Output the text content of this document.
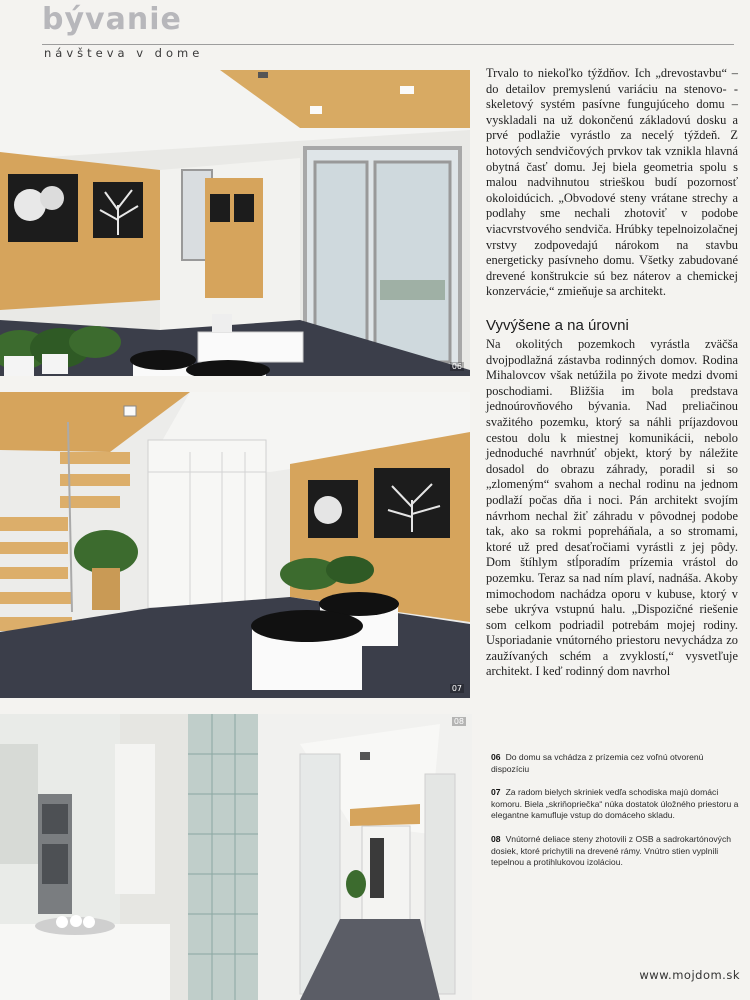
bývanie
návšteva v dome
06
07
08

Trvalo to niekoľko týždňov. Ich „drevostavbu“ – do detailov premyslenú variáciu na stenovo- -skeletový systém pasívne fungujúceho domu – vyskladali na už dokončenú základovú dosku a prvé podlažie vyrástlo za necelý týždeň. Z hotových sendvičových prvkov tak vznikla hlavná obytná časť domu. Jej biela geometria spolu s malou nadvihnutou strieškou budí pozornosť okoloidúcich. „Obvodové steny vrátane strechy a podlahy sme nechali zhotoviť v podobe viacvrstvového sendviča. Hrúbky tepelnoizolačnej vrstvy zodpovedajú nárokom na stavbu energeticky pasívneho domu. Všetky zabudované drevené konštrukcie sú bez náterov a chemickej konzervácie,“ zmieňuje sa architekt.

Vyvýšene a na úrovni

Na okolitých pozemkoch vyrástla zväčša dvojpodlažná zástavba rodinných domov. Rodina Mihalovcov však netúžila po živote medzi dvomi poschodiami. Bližšia im bola predstava jednoúrovňového bývania. Nad preliačinou svažitého pozemku, ktorý sa náhli príjazdovou cestou dolu k miestnej komunikácii, nebolo jednoduché navrhnúť objekt, ktorý by náležite dosadol do obrazu záhrady, poradil si so „zlomeným“ svahom a nechal rodinu na jednom podlaží počas dňa i noci. Pán architekt svojím návrhom nechal žiť záhradu v pôvodnej podobe tak, ako sa rokmi popreháňala, a so stromami, ktoré už pred desaťročiami vyrástli z jej pôdy. Dom štíhlym stĺporadím prízemia vrástol do pozemku. Teraz sa nad ním plaví, nadnáša. Akoby mimochodom nachádza oporu v kubuse, ktorý v sebe ukrýva vstupnú halu. „Dispozičné riešenie som celkom podriadil potrebám mojej rodiny. Usporiadanie vnútorného priestoru nevychádza zo zaužívaných schém a zvyklostí,“ vysvetľuje architekt. I keď rodinný dom navrhol

06 Do domu sa vchádza z prízemia cez voľnú otvorenú dispozíciu

07 Za radom bielych skriniek vedľa schodiska majú domáci komoru. Biela „skriňopriečka“ núka dostatok úložného priestoru a elegantne kamufluje vstup do domáceho skladu.

08 Vnútorné deliace steny zhotovili z OSB a sadrokartónových dosiek, ktoré prichytili na drevené rámy. Vnútro stien vyplnili tepelnou a protihlukovou izoláciou.

www.mojdom.sk
